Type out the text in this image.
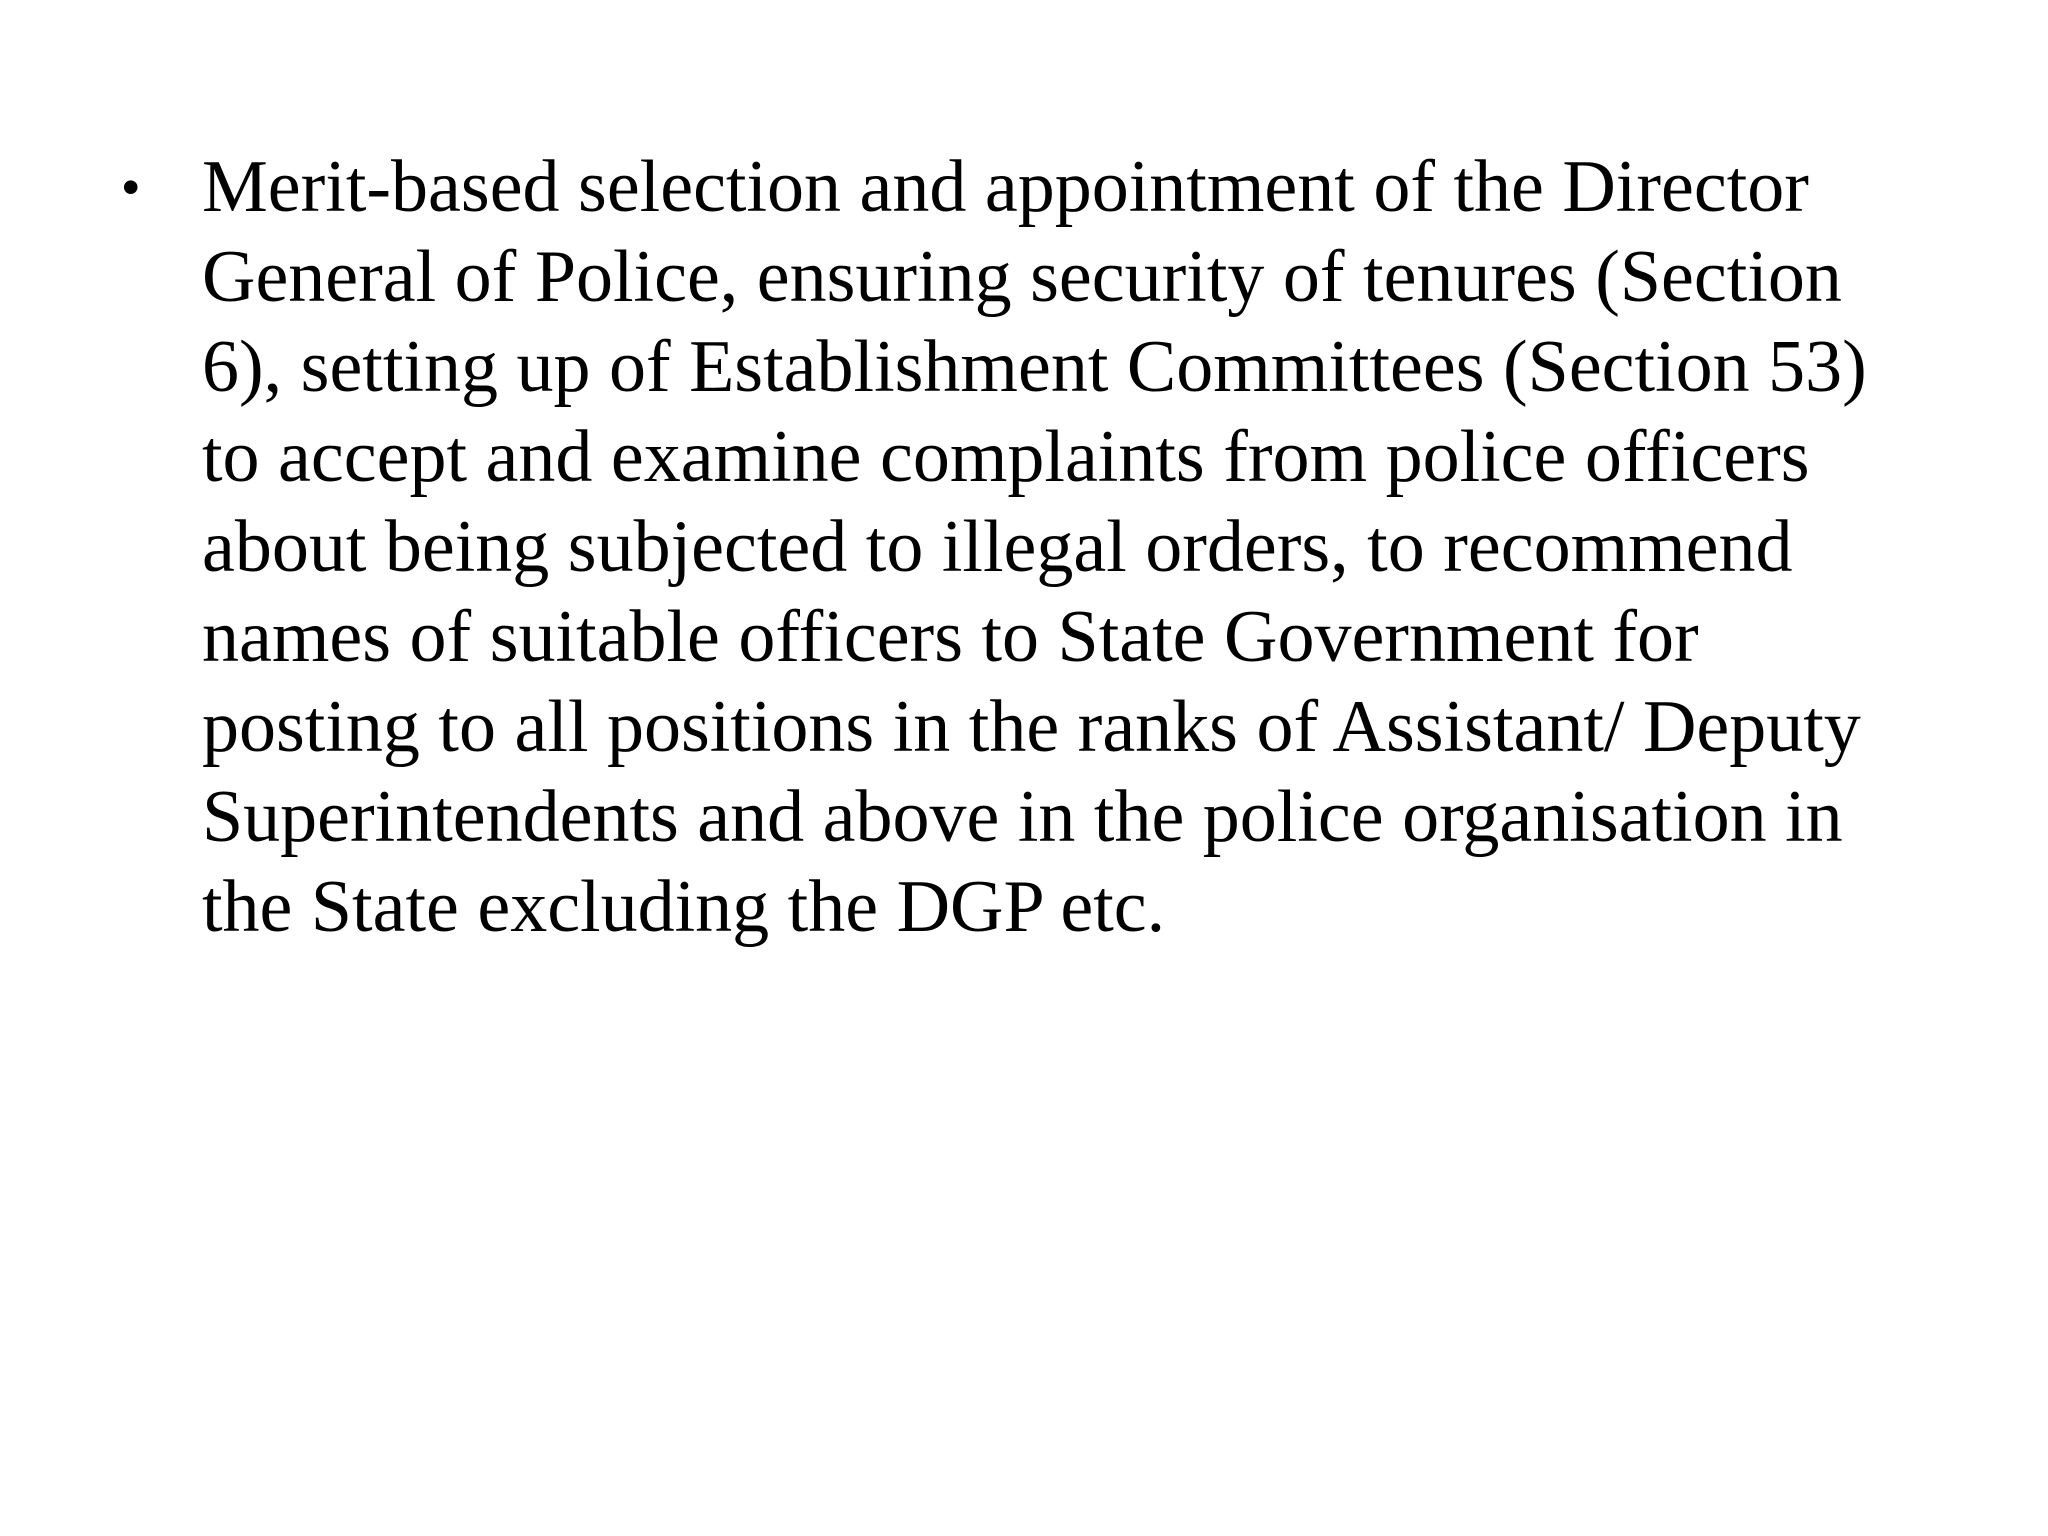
• Merit-based selection and appointment of the Director
General of Police, ensuring security of tenures (Section
6), setting up of Establishment Committees (Section 53)
to accept and examine complaints from police officers
about being subjected to illegal orders, to recommend
names of suitable officers to State Government for
posting to all positions in the ranks of Assistant/ Deputy
Superintendents and above in the police organisation in
the State excluding the DGP etc.
